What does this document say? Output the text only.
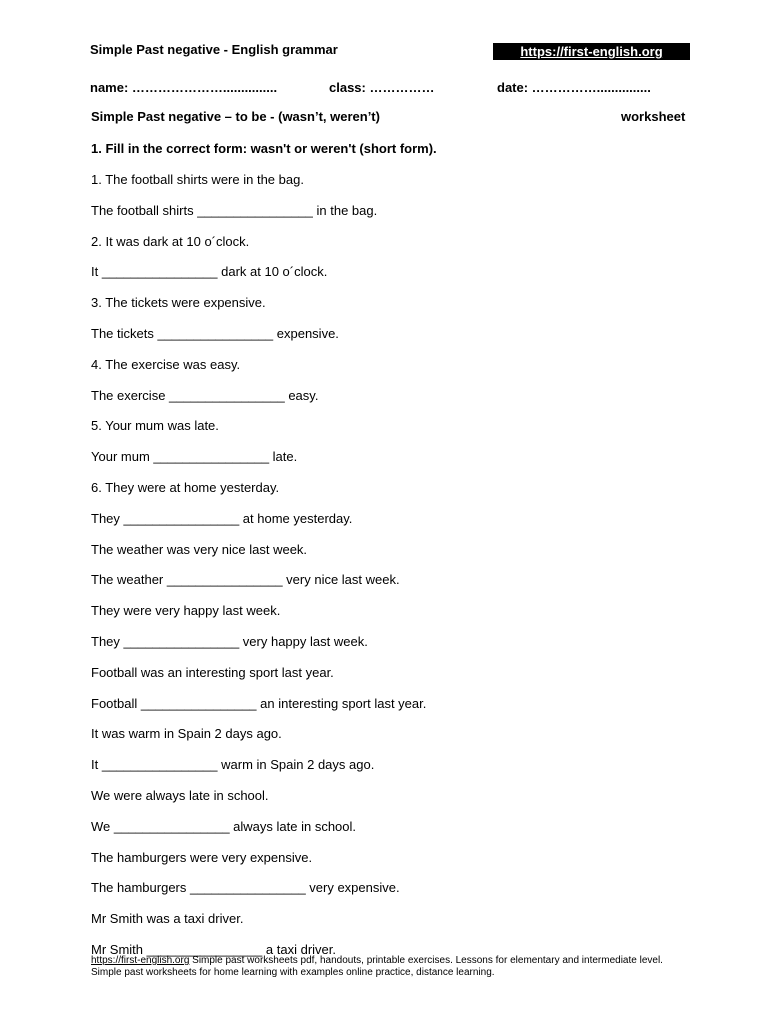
Simple Past negative - English grammar	https://first-english.org
name: …………………...............	class: ……………	date: ……………...............
Simple Past negative – to be - (wasn’t, weren’t)	worksheet
1. Fill in the correct form: wasn't or weren't (short form).
1. The football shirts were in the bag.
The football shirts ________________ in the bag.
2. It was dark at 10 o´clock.
It ________________ dark at 10 o´clock.
3. The tickets were expensive.
The tickets ________________ expensive.
4. The exercise was easy.
The exercise ________________ easy.
5. Your mum was late.
Your mum ________________ late.
6. They were at home yesterday.
They ________________ at home yesterday.
The weather was very nice last week.
The weather ________________ very nice last week.
They were very happy last week.
They ________________ very happy last week.
Football was an interesting sport last year.
Football ________________ an interesting sport last year.
It was warm in Spain 2 days ago.
It ________________ warm in Spain 2 days ago.
We were always late in school.
We ________________ always late in school.
The hamburgers were very expensive.
The hamburgers ________________ very expensive.
Mr Smith was a taxi driver.
Mr Smith ________________ a taxi driver.
https://first-english.org Simple past worksheets pdf, handouts, printable exercises. Lessons for elementary and intermediate level. Simple past worksheets for home learning with examples online practice, distance learning.
